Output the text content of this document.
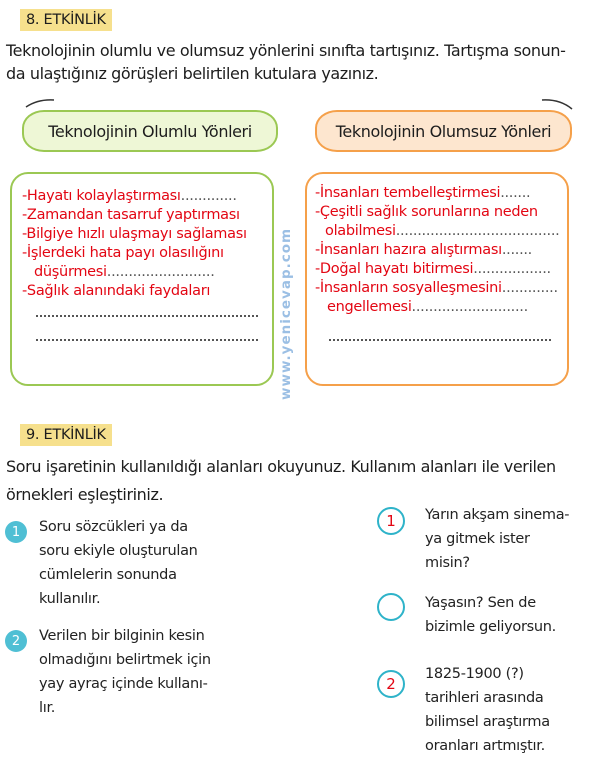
8. ETKİNLİK
Teknolojinin olumlu ve olumsuz yönlerini sınıfta tartışınız. Tartışma sonun-
da ulaştığınız görüşleri belirtilen kutulara yazınız.
Teknolojinin Olumlu Yönleri	Teknolojinin Olumsuz Yönleri
-Hayatı kolaylaştırması.............
-Zamandan tasarruf yaptırması
-Bilgiye hızlı ulaşmayı sağlaması
-İşlerdeki hata payı olasılığını
düşürmesi.........................
-Sağlık alanındaki faydaları	www.yenicevap.com
-İnsanları tembelleştirmesi.......
-Çeşitli sağlık sorunlarına neden
olabilmesi......................................
-İnsanları hazıra alıştırması.......
-Doğal hayatı bitirmesi..................
-İnsanların sosyalleşmesini.............
engellemesi...........................
9. ETKİNLİK
Soru işaretinin kullanıldığı alanları okuyunuz. Kullanım alanları ile verilen
örnekleri eşleştiriniz.
1	Soru sözcükleri ya da
soru ekiyle oluşturulan
cümlelerin sonunda
kullanılır.
2	Verilen bir bilginin kesin
olmadığını belirtmek için
yay ayraç içinde kullanı-
lır.
1	Yarın akşam sinema-
ya gitmek ister
misin?
Yaşasın? Sen de
bizimle geliyorsun.
2
1825-1900 (?)
tarihleri arasında
bilimsel araştırma
oranları artmıştır.
